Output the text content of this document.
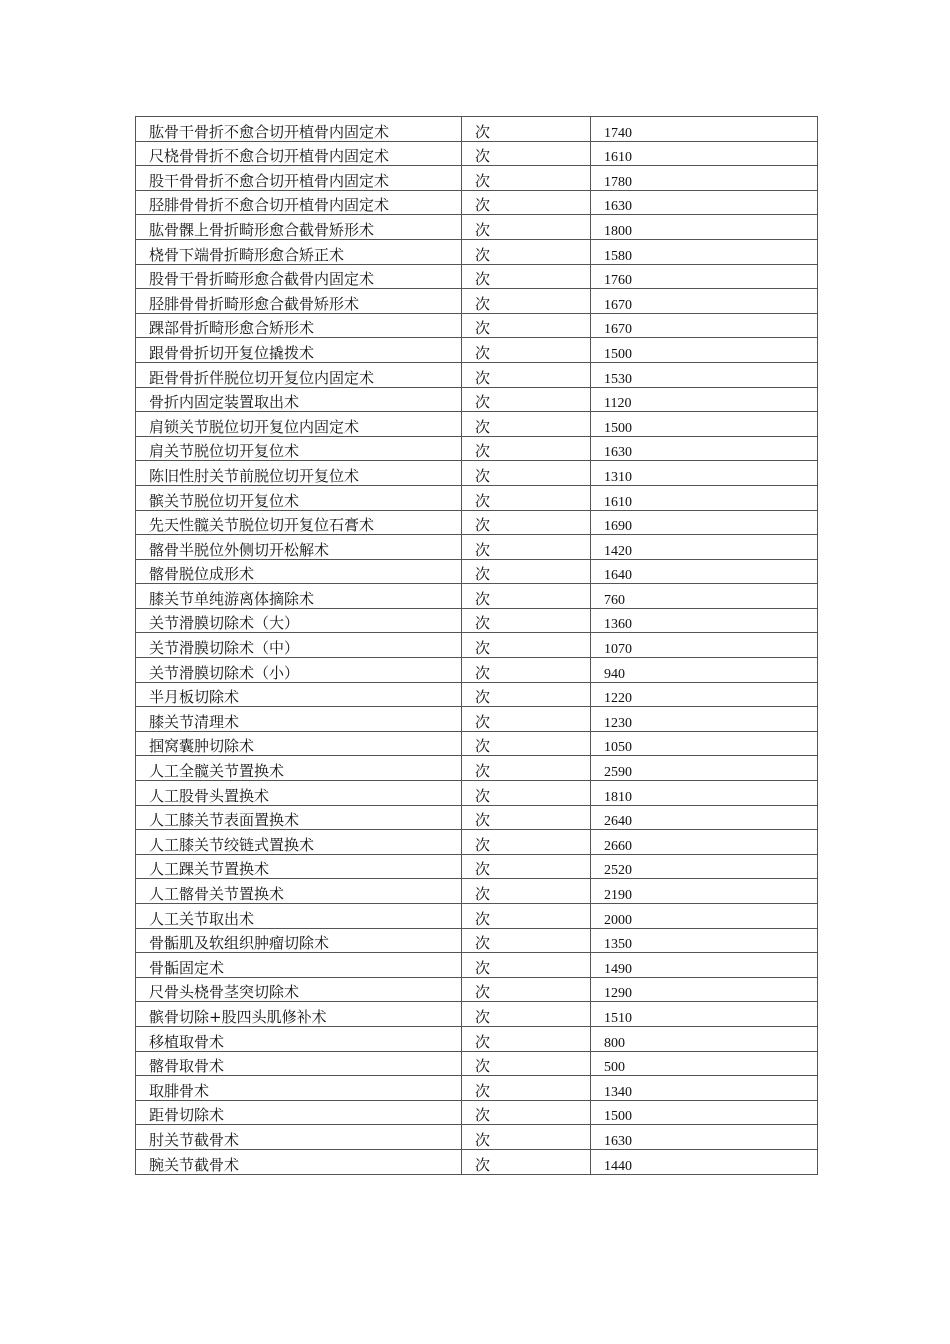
肱骨干骨折不愈合切开植骨内固定术	次	1740
尺桡骨骨折不愈合切开植骨内固定术	次	1610
股干骨骨折不愈合切开植骨内固定术	次	1780
胫腓骨骨折不愈合切开植骨内固定术	次	1630
肱骨髁上骨折畸形愈合截骨矫形术	次	1800
桡骨下端骨折畸形愈合矫正术	次	1580
股骨干骨折畸形愈合截骨内固定术	次	1760
胫腓骨骨折畸形愈合截骨矫形术	次	1670
踝部骨折畸形愈合矫形术	次	1670
跟骨骨折切开复位撬拨术	次	1500
距骨骨折伴脱位切开复位内固定术	次	1530
骨折内固定装置取出术	次	1120
肩锁关节脱位切开复位内固定术	次	1500
肩关节脱位切开复位术	次	1630
陈旧性肘关节前脱位切开复位术	次	1310
髌关节脱位切开复位术	次	1610
先天性髋关节脱位切开复位石膏术	次	1690
髂骨半脱位外侧切开松解术	次	1420
髂骨脱位成形术	次	1640
膝关节单纯游离体摘除术	次	760
关节滑膜切除术（大）	次	1360
关节滑膜切除术（中）	次	1070
关节滑膜切除术（小）	次	940
半月板切除术	次	1220
膝关节清理术	次	1230
掴窝囊肿切除术	次	1050
人工全髋关节置换术	次	2590
人工股骨头置换术	次	1810
人工膝关节表面置换术	次	2640
人工膝关节绞链式置换术	次	2660
人工踝关节置换术	次	2520
人工髂骨关节置换术	次	2190
人工关节取出术	次	2000
骨骺肌及软组织肿瘤切除术	次	1350
骨骺固定术	次	1490
尺骨头桡骨茎突切除术	次	1290
髌骨切除+股四头肌修补术	次	1510
移植取骨术	次	800
髂骨取骨术	次	500
取腓骨术	次	1340
距骨切除术	次	1500
肘关节截骨术	次	1630
腕关节截骨术	次	1440
